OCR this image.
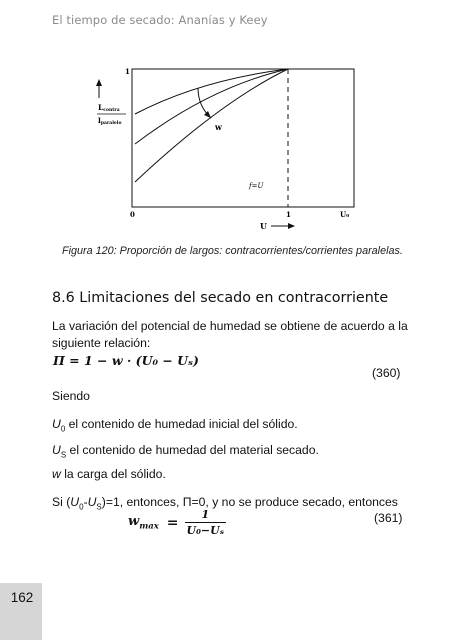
El tiempo de secado: Ananías y Keey
w
1
0	1	U₀
f=U
Lcontra
lparalelo
U
Figura 120: Proporción de largos: contracorrientes/corrientes paralelas.
8.6 Limitaciones del secado en contracorriente
La variación del potencial de humedad se obtiene de acuerdo a la
siguiente relación:
Π = 1 − w · (U₀ − Uₛ)
(360)
Siendo
$U_0$ el contenido de humedad inicial del sólido.
$U_S$ el contenido de humedad del material secado.
w la carga del sólido.
Si $(U_0-U_S)=1$, entonces, Π=0, y no se produce secado, entonces
$w_{max} = \frac{1}{\text{U₀−Uₛ}}$	(361)
162
